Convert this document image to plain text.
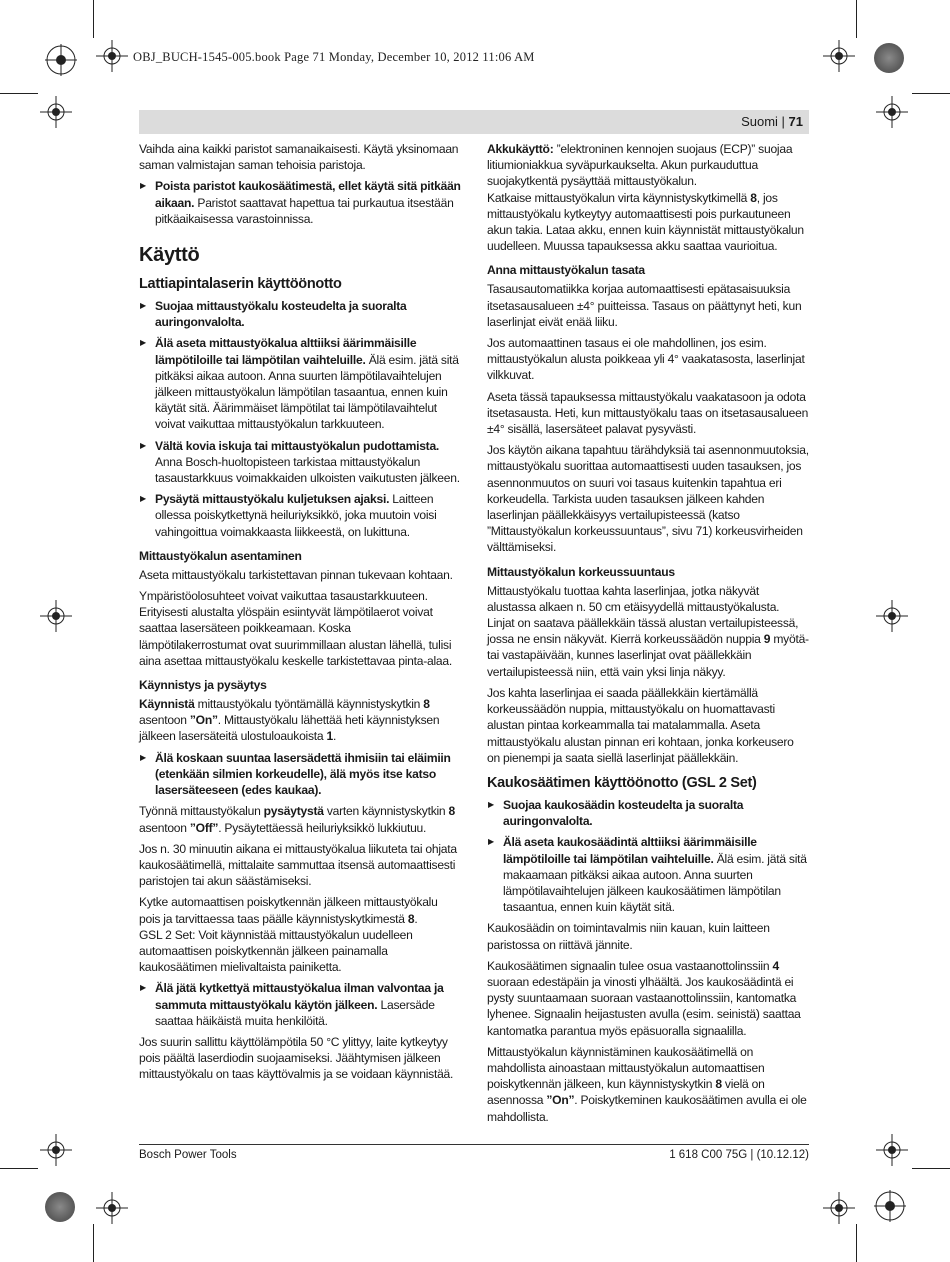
OBJ_BUCH-1545-005.book Page 71 Monday, December 10, 2012 11:06 AM
Suomi | 71

Vaihda aina kaikki paristot samanaikaisesti. Käytä yksinomaan saman valmistajan saman tehoisia paristoja.

▶ Poista paristot kaukosäätimestä, ellet käytä sitä pitkään aikaan. Paristot saattavat hapettua tai purkautua itsestään pitkäaikaisessa varastoinnissa.

Käyttö
Lattiapintalaserin käyttöönotto

▶ Suojaa mittaustyökalu kosteudelta ja suoralta auringonvalolta.

▶ Älä aseta mittaustyökalua alttiiksi äärimmäisille lämpötiloille tai lämpötilan vaihteluille. Älä esim. jätä sitä pitkäksi aikaa autoon. Anna suurten lämpötilavaihtelujen jälkeen mittaustyökalun lämpötilan tasaantua, ennen kuin käytät sitä. Äärimmäiset lämpötilat tai lämpötilavaihtelut voivat vaikuttaa mittaustyökalun tarkkuuteen.

▶ Vältä kovia iskuja tai mittaustyökalun pudottamista. Anna Bosch-huoltopisteen tarkistaa mittaustyökalun tasaustarkkuus voimakkaiden ulkoisten vaikutusten jälkeen.

▶ Pysäytä mittaustyökalu kuljetuksen ajaksi. Laitteen ollessa poiskytkettynä heiluriyksikkö, joka muutoin voisi vahingoittua voimakkaasta liikkeestä, on lukittuna.

Mittaustyökalun asentaminen

Aseta mittaustyökalu tarkistettavan pinnan tukevaan kohtaan.

Ympäristöolosuhteet voivat vaikuttaa tasaustarkkuuteen. Erityisesti alustalta ylöspäin esiintyvät lämpötilaerot voivat saattaa lasersäteen poikkeamaan. Koska lämpötilakerrostumat ovat suurimmillaan alustan lähellä, tulisi aina asettaa mittaustyökalu keskelle tarkistettavaa pinta-alaa.

Käynnistys ja pysäytys

Käynnistä mittaustyökalu työntämällä käynnistyskytkin 8 asentoon ”On”. Mittaustyökalu lähettää heti käynnistyksen jälkeen lasersäteitä ulostuloaukoista 1.

▶ Älä koskaan suuntaa lasersädettä ihmisiin tai eläimiin (etenkään silmien korkeudelle), älä myös itse katso lasersäteeseen (edes kaukaa).

Työnnä mittaustyökalun pysäytystä varten käynnistyskytkin 8 asentoon ”Off”. Pysäytettäessä heiluriyksikkö lukkiutuu.

Jos n. 30 minuutin aikana ei mittaustyökalua liikuteta tai ohjata kaukosäätimellä, mittalaite sammuttaa itsensä automaattisesti paristojen tai akun säästämiseksi.

Kytke automaattisen poiskytkennän jälkeen mittaustyökalu pois ja tarvittaessa taas päälle käynnistyskytkimestä 8.

GSL 2 Set: Voit käynnistää mittaustyökalun uudelleen automaattisen poiskytkennän jälkeen painamalla kaukosäätimen mielivaltaista painiketta.

▶ Älä jätä kytkettyä mittaustyökalua ilman valvontaa ja sammuta mittaustyökalu käytön jälkeen. Lasersäde saattaa häikäistä muita henkilöitä.

Jos suurin sallittu käyttölämpötila 50 °C ylittyy, laite kytkeytyy pois päältä laserdiodin suojaamiseksi. Jäähtymisen jälkeen mittaustyökalu on taas käyttövalmis ja se voidaan käynnistää.

Akkukäyttö: ”elektroninen kennojen suojaus (ECP)” suojaa litiumioniakkua syväpurkaukselta. Akun purkauduttua suojakytkentä pysäyttää mittaustyökalun.

Katkaise mittaustyökalun virta käynnistyskytkimellä 8, jos mittaustyökalu kytkeytyy automaattisesti pois purkautuneen akun takia. Lataa akku, ennen kuin käynnistät mittaustyökalun uudelleen. Muussa tapauksessa akku saattaa vaurioitua.

Anna mittaustyökalun tasata

Tasausautomatiikka korjaa automaattisesti epätasaisuuksia itsetasausalueen ±4° puitteissa. Tasaus on päättynyt heti, kun laserlinjat eivät enää liiku.

Jos automaattinen tasaus ei ole mahdollinen, jos esim. mittaustyökalun alusta poikkeaa yli 4° vaakatasosta, laserlinjat vilkkuvat.

Aseta tässä tapauksessa mittaustyökalu vaakatasoon ja odota itsetasausta. Heti, kun mittaustyökalu taas on itsetasausalueen ±4° sisällä, lasersäteet palavat pysyvästi.

Jos käytön aikana tapahtuu tärähdyksiä tai asennonmuutoksia, mittaustyökalu suorittaa automaattisesti uuden tasauksen, jos asennonmuutos on suuri voi tasaus kuitenkin tapahtua eri korkeudella. Tarkista uuden tasauksen jälkeen kahden laserlinjan päällekkäisyys vertailupisteessä (katso ”Mittaustyökalun korkeussuuntaus”, sivu 71) korkeusvirheiden välttämiseksi.

Mittaustyökalun korkeussuuntaus

Mittaustyökalu tuottaa kahta laserlinjaa, jotka näkyvät alustassa alkaen n. 50 cm etäisyydellä mittaustyökalusta. Linjat on saatava päällekkäin tässä alustan vertailupisteessä, jossa ne ensin näkyvät. Kierrä korkeussäädön nuppia 9 myötä- tai vastapäivään, kunnes laserlinjat ovat päällekkäin vertailupisteessä niin, että vain yksi linja näkyy.

Jos kahta laserlinjaa ei saada päällekkäin kiertämällä korkeussäädön nuppia, mittaustyökalu on huomattavasti alustan pintaa korkeammalla tai matalammalla. Aseta mittaustyökalu alustan pinnan eri kohtaan, jonka korkeusero on pienempi ja saata siellä laserlinjat päällekkäin.

Kaukosäätimen käyttöönotto (GSL 2 Set)

▶ Suojaa kaukosäädin kosteudelta ja suoralta auringonvalolta.

▶ Älä aseta kaukosäädintä alttiiksi äärimmäisille lämpötiloille tai lämpötilan vaihteluille. Älä esim. jätä sitä makaamaan pitkäksi aikaa autoon. Anna suurten lämpötilavaihtelujen jälkeen kaukosäätimen lämpötilan tasaantua, ennen kuin käytät sitä.

Kaukosäädin on toimintavalmis niin kauan, kuin laitteen paristossa on riittävä jännite.

Kaukosäätimen signaalin tulee osua vastaanottolinssiin 4 suoraan edestäpäin ja vinosti ylhäältä. Jos kaukosäädintä ei pysty suuntaamaan suoraan vastaanottolinssiin, kantomatka lyhenee. Signaalin heijastusten avulla (esim. seinistä) saattaa kantomatka parantua myös epäsuoralla signaalilla.

Mittaustyökalun käynnistäminen kaukosäätimellä on mahdollista ainoastaan mittaustyökalun automaattisen poiskytkennän jälkeen, kun käynnistyskytkin 8 vielä on asennossa ”On”. Poiskytkeminen kaukosäätimen avulla ei ole mahdollista.

Bosch Power Tools	1 618 C00 75G | (10.12.12)
